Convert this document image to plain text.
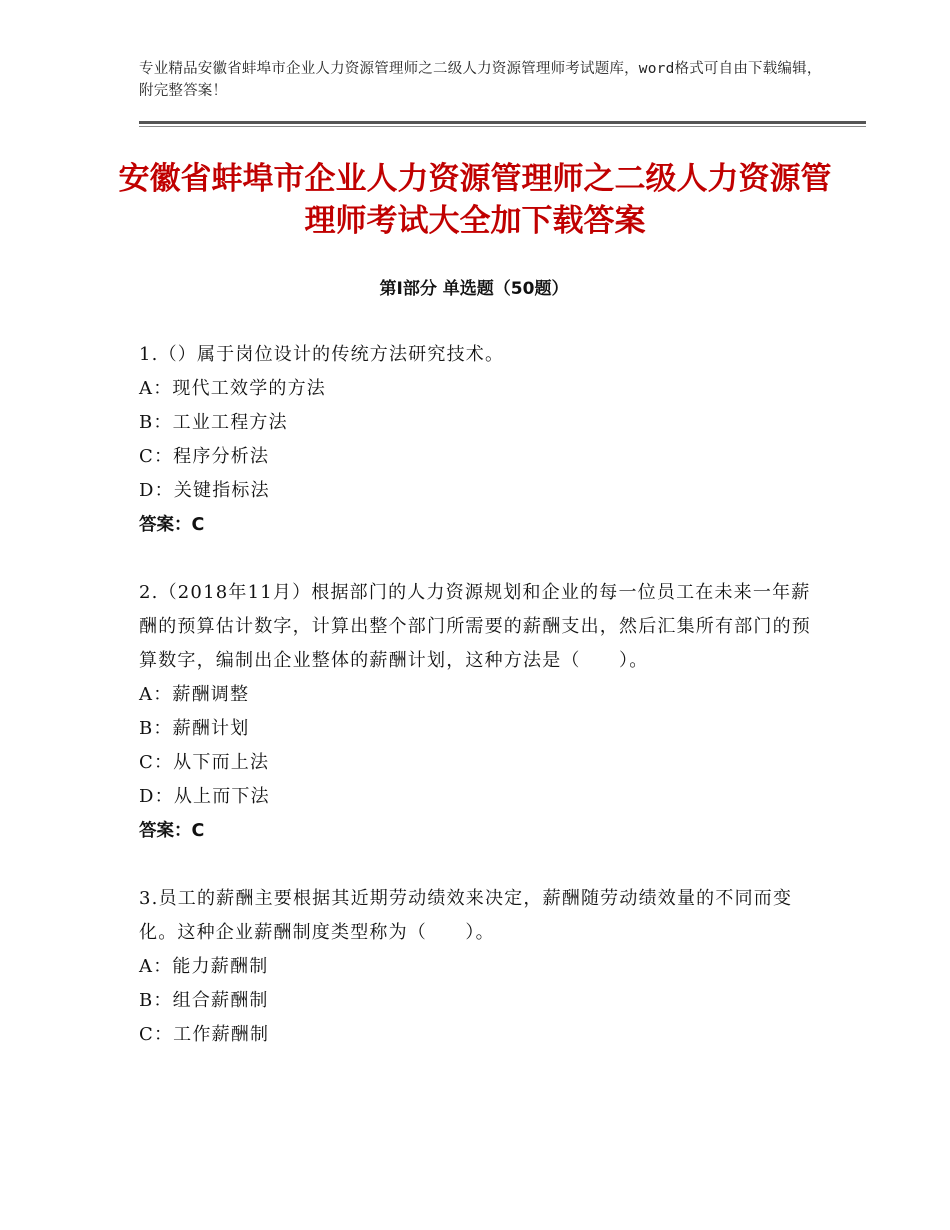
专业精品安徽省蚌埠市企业人力资源管理师之二级人力资源管理师考试题库，word格式可自由下载编辑，附完整答案！
安徽省蚌埠市企业人力资源管理师之二级人力资源管理师考试大全加下载答案
第Ⅰ部分 单选题（50题）

1.（）属于岗位设计的传统方法研究技术。

A：现代工效学的方法

B：工业工程方法

C：程序分析法

D：关键指标法

答案：C

2.（2018年11月）根据部门的人力资源规划和企业的每一位员工在未来一年薪酬的预算估计数字，计算出整个部门所需要的薪酬支出，然后汇集所有部门的预算数字，编制出企业整体的薪酬计划，这种方法是（　　）。

A：薪酬调整

B：薪酬计划

C：从下而上法

D：从上而下法

答案：C

3.员工的薪酬主要根据其近期劳动绩效来决定，薪酬随劳动绩效量的不同而变化。这种企业薪酬制度类型称为（　　）。

A：能力薪酬制

B：组合薪酬制

C：工作薪酬制
